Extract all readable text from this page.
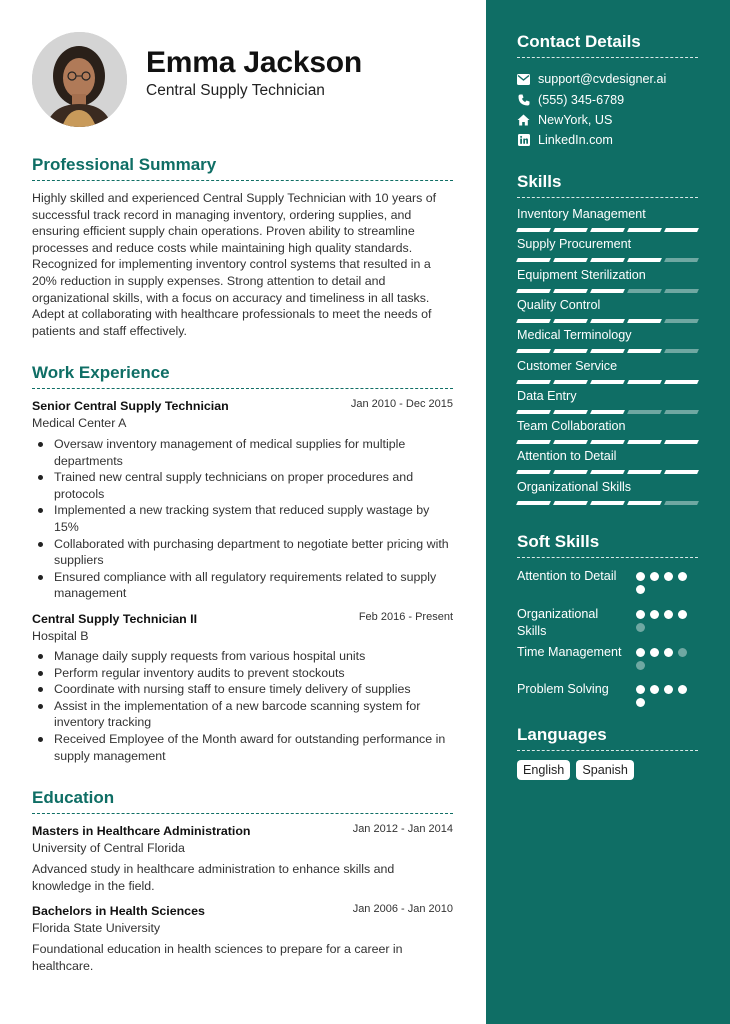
Emma Jackson
Central Supply Technician
Professional Summary
Highly skilled and experienced Central Supply Technician with 10 years of successful track record in managing inventory, ordering supplies, and ensuring efficient supply chain operations. Proven ability to streamline processes and reduce costs while maintaining high quality standards. Recognized for implementing inventory control systems that resulted in a 20% reduction in supply expenses. Strong attention to detail and organizational skills, with a focus on accuracy and timeliness in all tasks. Adept at collaborating with healthcare professionals to meet the needs of patients and staff effectively.
Work Experience
Senior Central Supply Technician	Jan 2010 - Dec 2015
Medical Center A
Oversaw inventory management of medical supplies for multiple departments
Trained new central supply technicians on proper procedures and protocols
Implemented a new tracking system that reduced supply wastage by 15%
Collaborated with purchasing department to negotiate better pricing with suppliers
Ensured compliance with all regulatory requirements related to supply management
Central Supply Technician II	Feb 2016 - Present
Hospital B
Manage daily supply requests from various hospital units
Perform regular inventory audits to prevent stockouts
Coordinate with nursing staff to ensure timely delivery of supplies
Assist in the implementation of a new barcode scanning system for inventory tracking
Received Employee of the Month award for outstanding performance in supply management
Education
Masters in Healthcare Administration	Jan 2012 - Jan 2014
University of Central Florida
Advanced study in healthcare administration to enhance skills and knowledge in the field.
Bachelors in Health Sciences	Jan 2006 - Jan 2010
Florida State University
Foundational education in health sciences to prepare for a career in healthcare.
Contact Details
support@cvdesigner.ai
(555) 345-6789
NewYork, US
LinkedIn.com
Skills
Inventory Management
Supply Procurement
Equipment Sterilization
Quality Control
Medical Terminology
Customer Service
Data Entry
Team Collaboration
Attention to Detail
Organizational Skills
Soft Skills
Attention to Detail
Organizational Skills
Time Management
Problem Solving
Languages
English	Spanish
